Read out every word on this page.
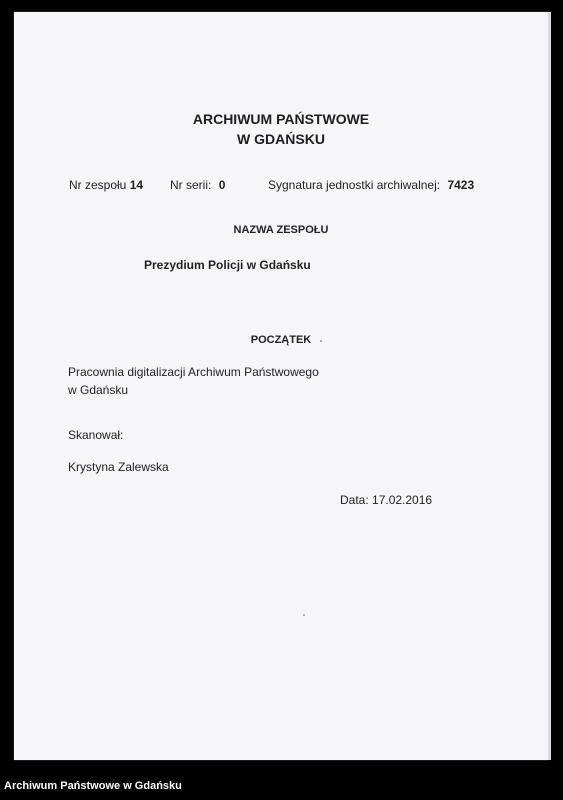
ARCHIWUM PAŃSTWOWE
W GDAŃSKU
Nr zespołu 14 Nr serii: 0	Sygnatura jednostki archiwalnej: 7423
NAZWA ZESPOŁU
Prezydium Policji w Gdańsku
POCZĄTEK
Pracownia digitalizacji Archiwum Państwowego
w Gdańsku
Skanował:
Krystyna Zalewska
Data: 17.02.2016
Archiwum Państwowe w Gdańsku
